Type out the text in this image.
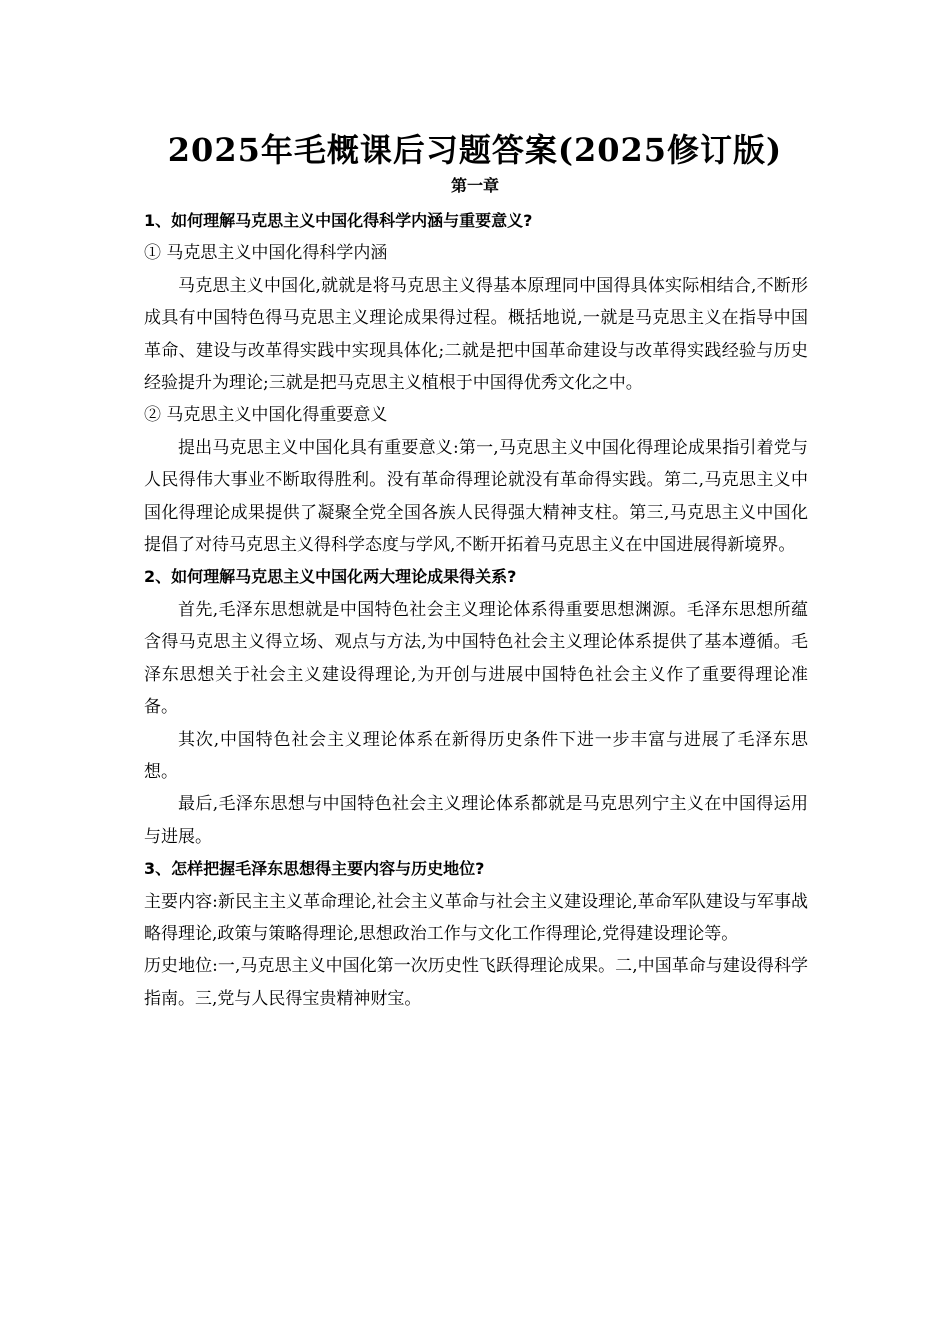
2025年毛概课后习题答案(2025修订版)
第一章

1、如何理解马克思主义中国化得科学内涵与重要意义?

① 马克思主义中国化得科学内涵

马克思主义中国化,就就是将马克思主义得基本原理同中国得具体实际相结合,不断形成具有中国特色得马克思主义理论成果得过程。概括地说,一就是马克思主义在指导中国革命、建设与改革得实践中实现具体化;二就是把中国革命建设与改革得实践经验与历史经验提升为理论;三就是把马克思主义植根于中国得优秀文化之中。

② 马克思主义中国化得重要意义

提出马克思主义中国化具有重要意义:第一,马克思主义中国化得理论成果指引着党与人民得伟大事业不断取得胜利。没有革命得理论就没有革命得实践。第二,马克思主义中国化得理论成果提供了凝聚全党全国各族人民得强大精神支柱。第三,马克思主义中国化提倡了对待马克思主义得科学态度与学风,不断开拓着马克思主义在中国进展得新境界。

2、如何理解马克思主义中国化两大理论成果得关系?

首先,毛泽东思想就是中国特色社会主义理论体系得重要思想渊源。毛泽东思想所蕴含得马克思主义得立场、观点与方法,为中国特色社会主义理论体系提供了基本遵循。毛泽东思想关于社会主义建设得理论,为开创与进展中国特色社会主义作了重要得理论准备。

其次,中国特色社会主义理论体系在新得历史条件下进一步丰富与进展了毛泽东思想。

最后,毛泽东思想与中国特色社会主义理论体系都就是马克思列宁主义在中国得运用与进展。

3、怎样把握毛泽东思想得主要内容与历史地位?

主要内容:新民主主义革命理论,社会主义革命与社会主义建设理论,革命军队建设与军事战略得理论,政策与策略得理论,思想政治工作与文化工作得理论,党得建设理论等。

历史地位:一,马克思主义中国化第一次历史性飞跃得理论成果。二,中国革命与建设得科学指南。三,党与人民得宝贵精神财宝。
